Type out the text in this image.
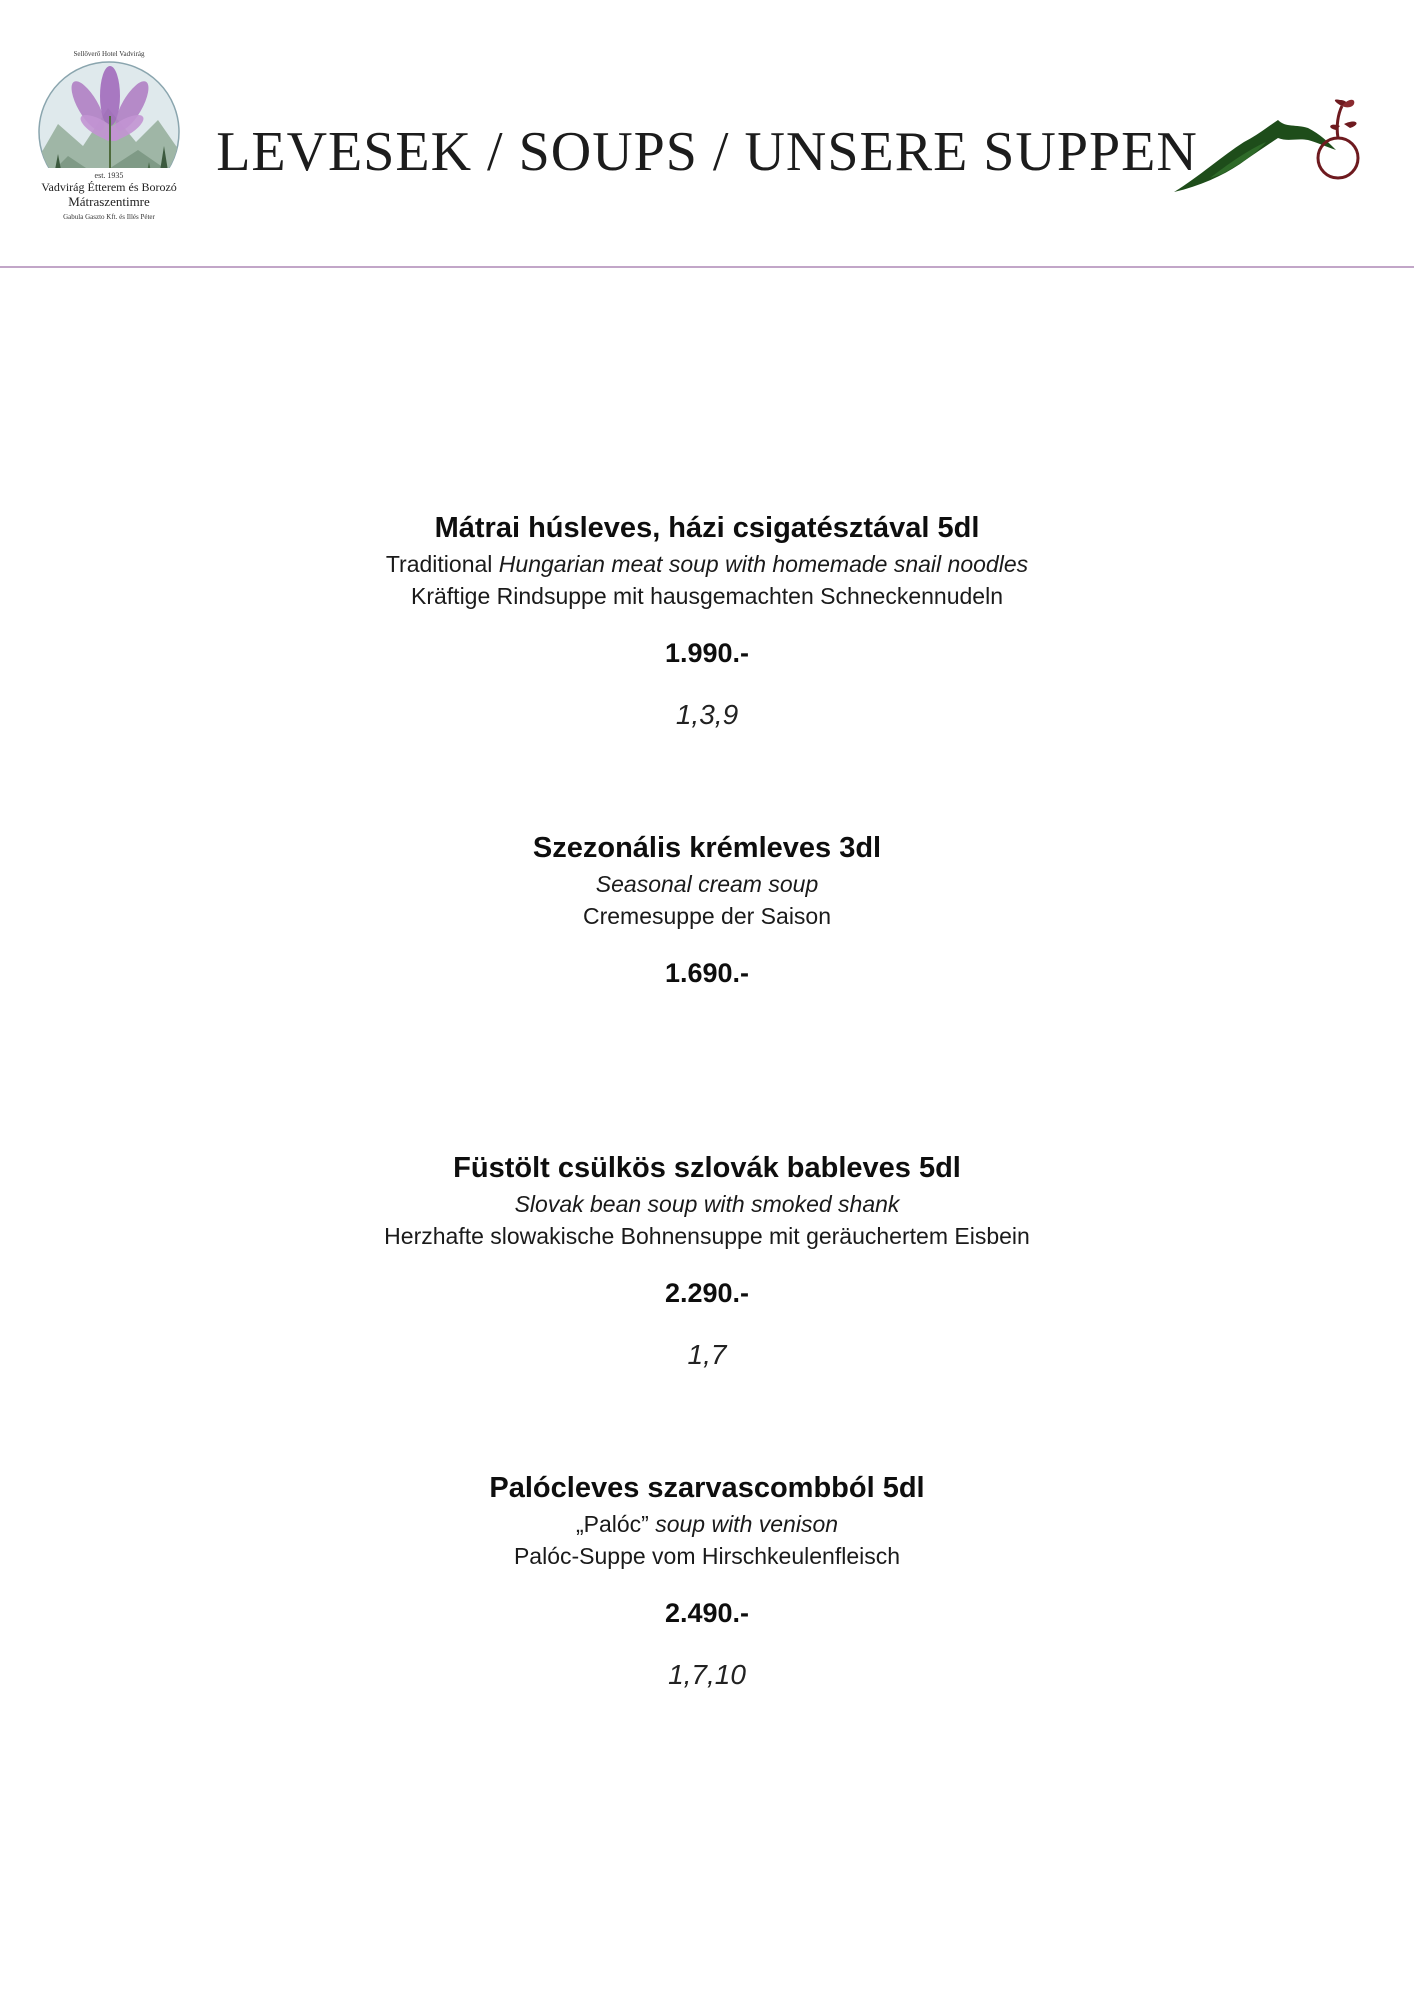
Sellőverő Hotel Vadvirág
est. 1935
Vadvirág Étterem és Borozó
Mátraszentimre
Gabula Gaszto Kft. és Illés Péter
LEVESEK / SOUPS / UNSERE SUPPEN

Mátrai húsleves, házi csigatésztával 5dl

Traditional Hungarian meat soup with homemade snail noodles

Kräftige Rindsuppe mit hausgemachten Schneckennudeln

1.990.-

1,3,9

Szezonális krémleves 3dl

Seasonal cream soup

Cremesuppe der Saison

1.690.-

Füstölt csülkös szlovák bableves 5dl

Slovak bean soup with smoked shank

Herzhafte slowakische Bohnensuppe mit geräuchertem Eisbein

2.290.-

1,7

Palócleves szarvascombból 5dl

„Palóc” soup with venison

Palóc-Suppe vom Hirschkeulenfleisch

2.490.-

1,7,10
